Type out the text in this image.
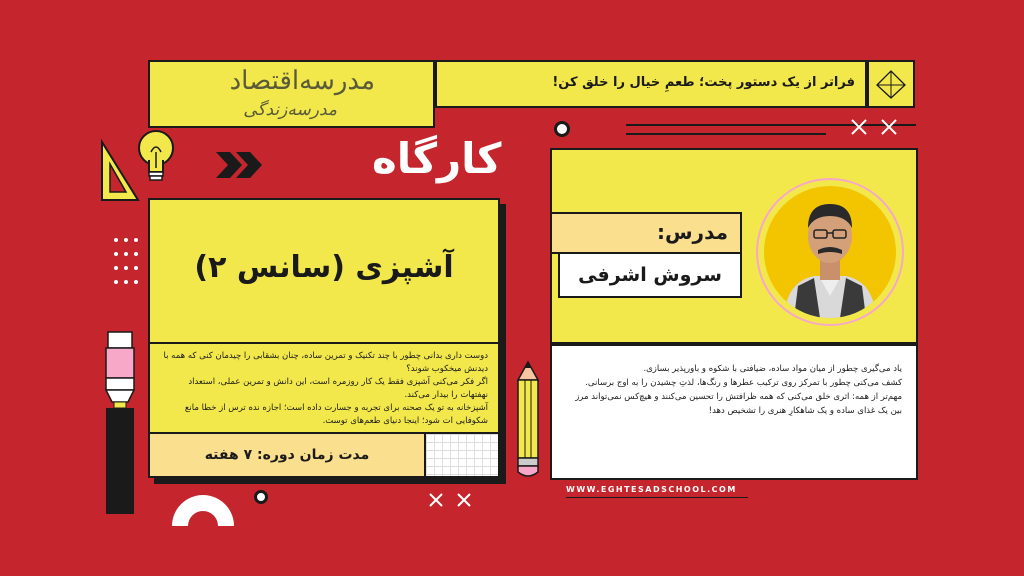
مدرسه‌اقتصاد
مدرسه‌زندگی
فراتر از یک دستور پخت؛ طعمِ خیال را خلق کن!
کارگاه
آشپزی (سانس ۲)
دوست داری بدانی چطور با چند تکنیک و تمرین ساده، چنان بشقابی را چیدمان کنی که همه با دیدنش میخکوب شوند؟
اگر فکر می‌کنی آشپزی فقط یک کار روزمره است، این دانش و تمرین عملی، استعداد نهفتهات را بیدار می‌کند.
آشپزخانه به تو یک صحنه برای تجربه و جسارت داده است؛ اجازه نده ترس از خطا مانع شکوفایی ات شود؛ اینجا دنیای طعم‌های توست.
مدت زمان دوره: ۷ هفته
مدرس:
سروش اشرفی
یاد می‌گیری چطور از میان مواد ساده، ضیافتی با شکوه و باورپذیر بسازی.
کشف می‌کنی چطور با تمرکز روی ترکیب عطرها و رنگ‌ها، لذتِ چشیدن را به اوج برسانی.
مهم‌تر از همه: اثری خلق می‌کنی که همه ظرافتش را تحسین می‌کنند و هیچ‌کس نمی‌تواند مرز بین یک غذای ساده و یک شاهکارِ هنری را تشخیص دهد!
WWW.EGHTESADSCHOOL.COM
